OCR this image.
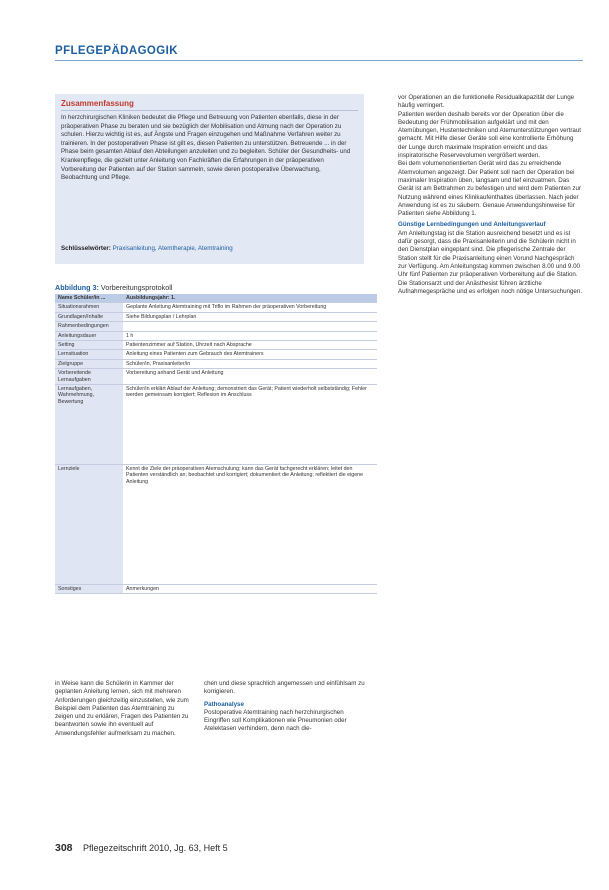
PFLEGEPÄDAGOGIK
Zusammenfassung
In herzchirurgischen Kliniken bedeutet die Pflege und Betreuung von Patienten ebenfalls, diese in der präoperativen Phase zu beraten und sie bezüglich der Mobilisation und Atmung nach der Operation zu schulen. Hierzu wichtig ist es, auf Ängste und Fragen einzugehen und Maßnahme Verfahren weiter zu trainieren. In der postoperativen Phase ist gilt es, diesen Patienten zu unterstützen. Betreuende ... in der Phase beim gesamten Ablauf den Abteilungen anzuleiten und zu begleiten. Schüler der Gesundheits- und Krankenpflege, die gezielt unter Anleitung von Fachkräften die Erfahrungen in der präoperativen Vorbereitung der Patienten auf der Station sammeln, sowie deren postoperative Überwachung, Beobachtung und Pflege.
Schlüsselwörter: Praxisanleitung, Atemtherapie, Atemtraining

vor Operationen an die funktionelle Residualkapazität der Lunge häufig verringert.

Patienten werden deshalb bereits vor der Operation über die Bedeutung der Frühmobilisation aufgeklärt und mit den Atemübungen, Hustentechniken und Atemunterstützungen vertraut gemacht. Mit Hilfe dieser Geräte soll eine kontrollierte Erhöhung der Lunge durch maximale Inspiration erreicht und das inspiratorische Reservevolumen vergrößert werden.

Bei dem volumenorientierten Gerät wird das zu erreichende Atemvolumen angezeigt. Der Patient soll nach der Operation bei maximaler Inspiration üben, langsam und tief einzuatmen. Das Gerät ist am Bettrahmen zu befestigen und wird dem Patienten zur Nutzung während eines Klinikaufenthaltes überlassen. Nach jeder Anwendung ist es zu säubern. Genaue Anwendungshinweise für Patienten siehe Abbildung 1.

Günstige Lernbedingungen und Anleitungsverlauf

Am Anleitungstag ist die Station ausreichend besetzt und es ist dafür gesorgt, dass die Praxisanleiterin und die Schülerin nicht in den Dienstplan eingeplant sind. Die pflegerische Zentrale der Station stellt für die Praxisanleitung einen Vorund Nachgespräch zur Verfügung. Am Anleitungstag kommen zwischen 8.00 und 9.00 Uhr fünf Patienten zur präoperativen Vorbereitung auf die Station. Die Stationsarzt und der Anästhesist führen ärztliche Aufnahmegespräche und es erfolgen noch nötige Untersuchungen.

Abbildung 3: Vorbereitungsprotokoll
Name Schüler/in ...	Ausbildungsjahr: 1.
Situationsrahmen	Geplante Anleitung Atemtraining mit Triflo im Rahmen der präoperativen Vorbereitung
Grundlagen/Inhalte	Siehe Bildungsplan / Lehrplan
Rahmenbedingungen	
Anleitungsdauer	1 h
Setting	Patientenzimmer auf Station, Uhrzeit nach Absprache
Lernsituation	Anleitung eines Patienten zum Gebrauch des Atemtrainers
Zielgruppe	Schüler/in, Praxisanleiter/in
Vorbereitende Lernaufgaben	Vorbereitung anhand Gerät und Anleitung
Lernaufgaben, Wahrnehmung, Bewertung	Schüler/in erklärt Ablauf der Anleitung; demonstriert das Gerät; Patient wiederholt selbstständig; Fehler werden gemeinsam korrigiert; Reflexion im Anschluss
Lernziele	Kennt die Ziele der präoperativen Atemschulung; kann das Gerät fachgerecht erklären; leitet den Patienten verständlich an; beobachtet und korrigiert; dokumentiert die Anleitung; reflektiert die eigene Anleitung
Sonstiges	Anmerkungen
in Weise kann die Schülerin in Kammer der geplanten Anleitung lernen, sich mit mehreren Anforderungen gleichzeitig einzustellen, wie zum Beispiel dem Patienten das Atemtraining zu zeigen und zu erklären, Fragen des Patienten zu beantworten sowie ihn eventuell auf Anwendungsfehler aufmerksam zu machen.

chen und diese sprachlich angemessen und einfühlsam zu korrigieren.

Pathoanalyse

Postoperative Atemtraining nach herzchirurgischen Eingriffen soll Komplikationen wie Pneumonien oder Atelektasen verhindern, denn nach die-

308 Pflegezeitschrift 2010, Jg. 63, Heft 5
